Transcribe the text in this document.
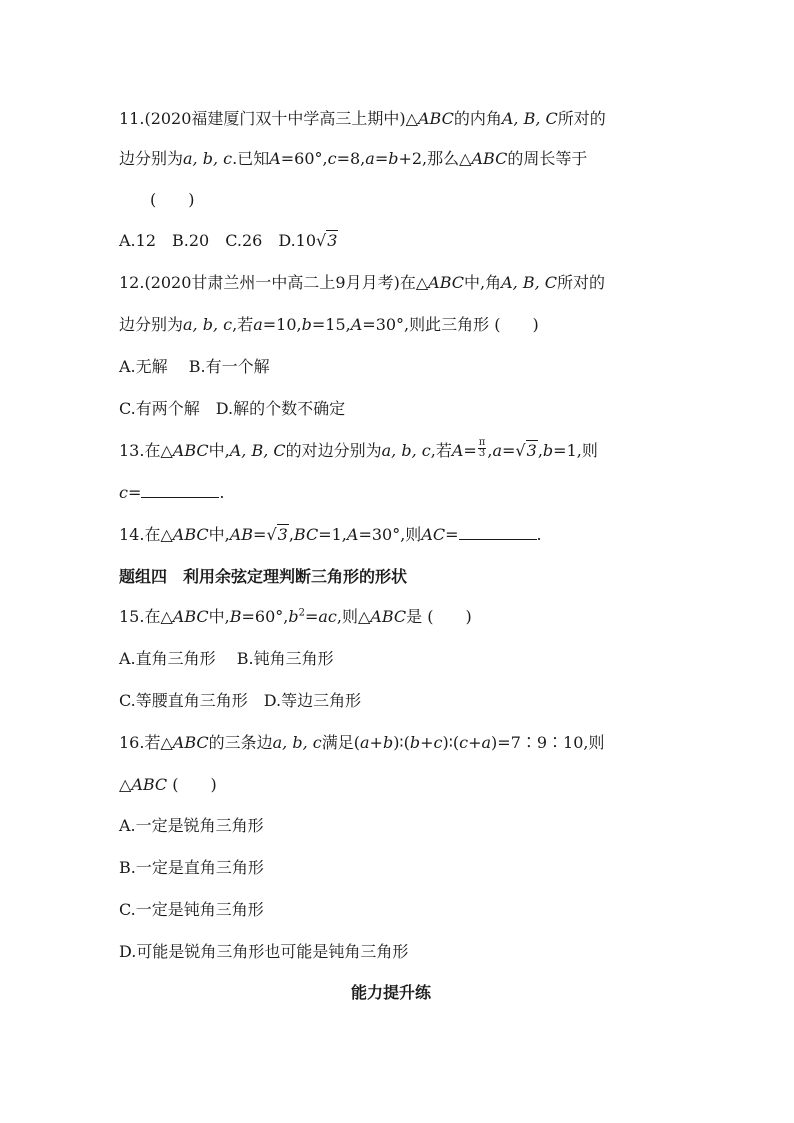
11.(2020福建厦门双十中学高三上期中)△ABC的内角A, B, C所对的
边分别为a, b, c.已知A=60°,c=8,a=b+2,那么△ABC的周长等于
(　　)
A.12　B.20　C.26　D.10√3
12.(2020甘肃兰州一中高二上9月月考)在△ABC中,角A, B, C所对的
边分别为a, b, c,若a=10,b=15,A=30°,则此三角形 (　　)
A.无解　 B.有一个解
C.有两个解　D.解的个数不确定
13.在△ABC中,A, B, C的对边分别为a, b, c,若$A= \frac{\pi}{3} ,a=√3,b=1$,则
c=	.
14.在△ABC中,AB=√3,BC=1,A=30°,则AC=	.
题组四　利用余弦定理判断三角形的形状
15.在△ABC中$,B=60^\circ,b^2=ac$,则△ABC是 (　　)
A.直角三角形　 B.钝角三角形
C.等腰直角三角形　D.等边三角形
16.若△ABC的三条边a, b, c满足(a+b)∶(b+c)∶(c+a)=7∶9∶10,则
△ABC (　　)
A.一定是锐角三角形
B.一定是直角三角形
C.一定是钝角三角形
D.可能是锐角三角形也可能是钝角三角形
能力提升练
